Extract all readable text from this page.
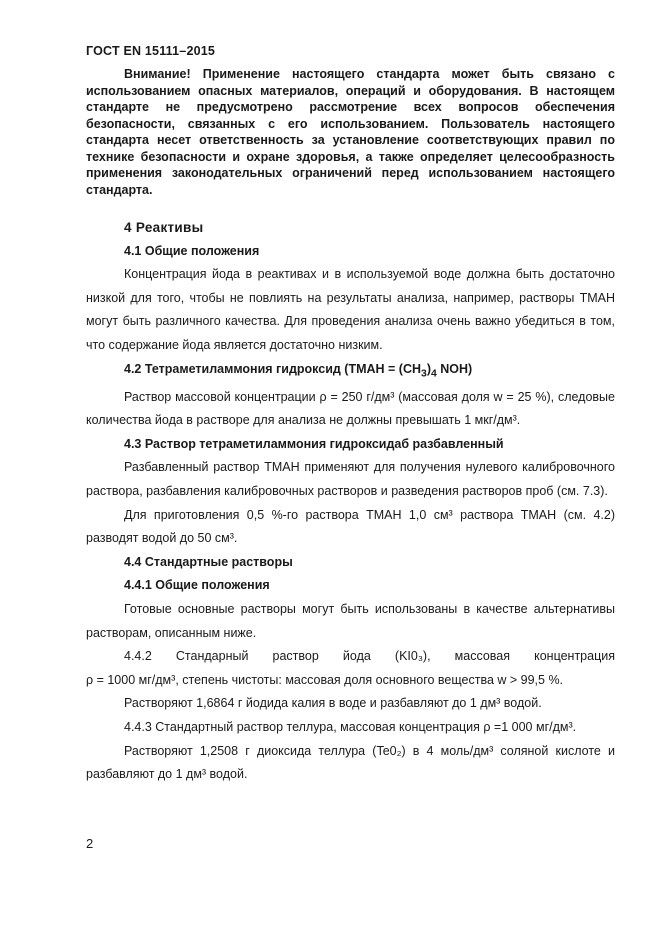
ГОСТ EN 15111–2015

Внимание! Применение настоящего стандарта может быть связано с использованием опасных материалов, операций и оборудования. В настоящем стандарте не предусмотрено рассмотрение всех вопросов обеспечения безопасности, связанных с его использованием. Пользователь настоящего стандарта несет ответственность за установление соответствующих правил по технике безопасности и охране здоровья, а также определяет целесообразность применения законодательных ограничений перед использованием настоящего стандарта.

4 Реактивы

4.1 Общие положения

Концентрация йода в реактивах и в используемой воде должна быть достаточно низкой для того, чтобы не повлиять на результаты анализа, например, растворы ТМАН могут быть различного качества. Для проведения анализа очень важно убедиться в том, что содержание йода является достаточно низким.

4.2 Тетраметиламмония гидроксид (ТМАН = $(CH_3)_4$ NOH)

Раствор массовой концентрации ρ = 250 г/дм³ (массовая доля w = 25 %), следовые количества йода в растворе для анализа не должны превышать 1 мкг/дм³.

4.3 Раствор тетраметиламмония гидроксидаб разбавленный

Разбавленный раствор ТМАН применяют для получения нулевого калибровочного раствора, разбавления калибровочных растворов и разведения растворов проб (см. 7.3).

Для приготовления 0,5 %-го раствора ТМАН 1,0 см³ раствора ТМАН (см. 4.2) разводят водой до 50 см³.

4.4 Стандартные растворы

4.4.1 Общие положения

Готовые основные растворы могут быть использованы в качестве альтернативы растворам, описанным ниже.

4.4.2 Стандарный раствор йода (KI0₃), массовая концентрация

ρ = 1000 мг/дм³, степень чистоты: массовая доля основного вещества w > 99,5 %.

Растворяют 1,6864 г йодида калия в воде и разбавляют до 1 дм³ водой.

4.4.3 Стандартный раствор теллура, массовая концентрация ρ =1 000 мг/дм³.

Растворяют 1,2508 г диоксида теллура (Te0₂) в 4 моль/дм³ соляной кислоте и разбавляют до 1 дм³ водой.

2
